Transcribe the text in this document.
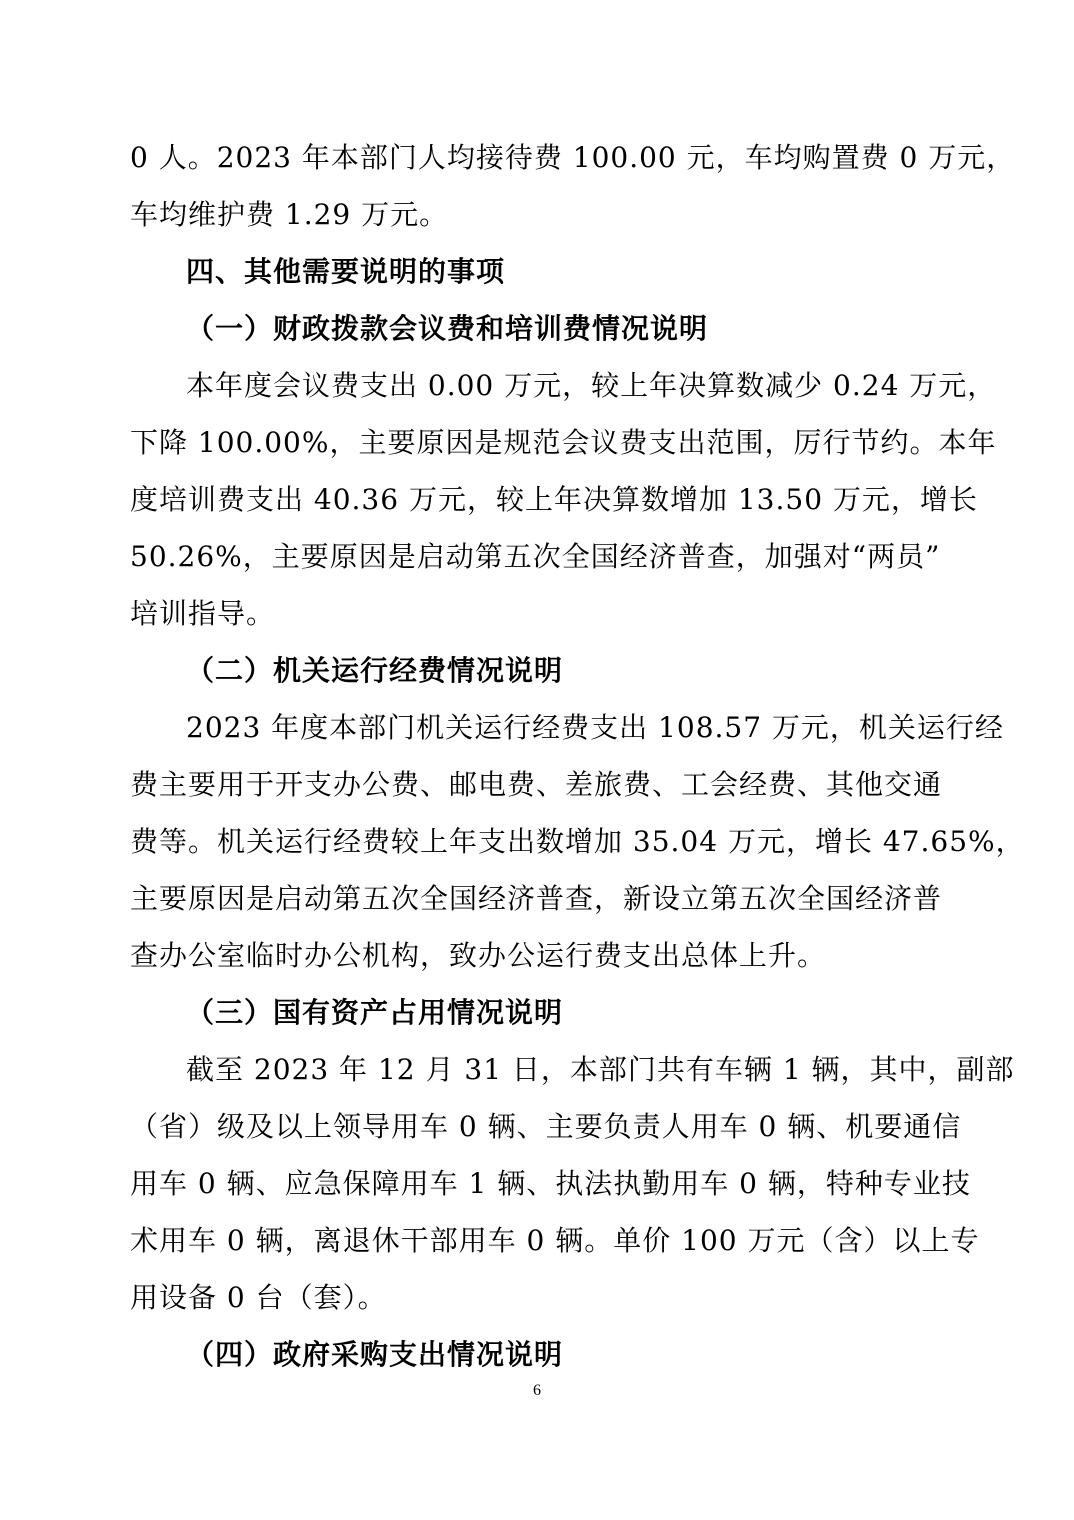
0 人。2023 年本部门人均接待费 100.00 元，车均购置费 0 万元，
车均维护费 1.29 万元。
四、其他需要说明的事项
（一）财政拨款会议费和培训费情况说明
本年度会议费支出 0.00 万元，较上年决算数减少 0.24 万元，
下降 100.00%，主要原因是规范会议费支出范围，厉行节约。本年
度培训费支出 40.36 万元，较上年决算数增加 13.50 万元，增长
50.26%，主要原因是启动第五次全国经济普查，加强对“两员”
培训指导。
（二）机关运行经费情况说明
2023 年度本部门机关运行经费支出 108.57 万元，机关运行经
费主要用于开支办公费、邮电费、差旅费、工会经费、其他交通
费等。机关运行经费较上年支出数增加 35.04 万元，增长 47.65%，
主要原因是启动第五次全国经济普查，新设立第五次全国经济普
查办公室临时办公机构，致办公运行费支出总体上升。
（三）国有资产占用情况说明
截至 2023 年 12 月 31 日，本部门共有车辆 1 辆，其中，副部
（省）级及以上领导用车 0 辆、主要负责人用车 0 辆、机要通信
用车 0 辆、应急保障用车 1 辆、执法执勤用车 0 辆，特种专业技
术用车 0 辆，离退休干部用车 0 辆。单价 100 万元（含）以上专
用设备 0 台（套）。
（四）政府采购支出情况说明
6
